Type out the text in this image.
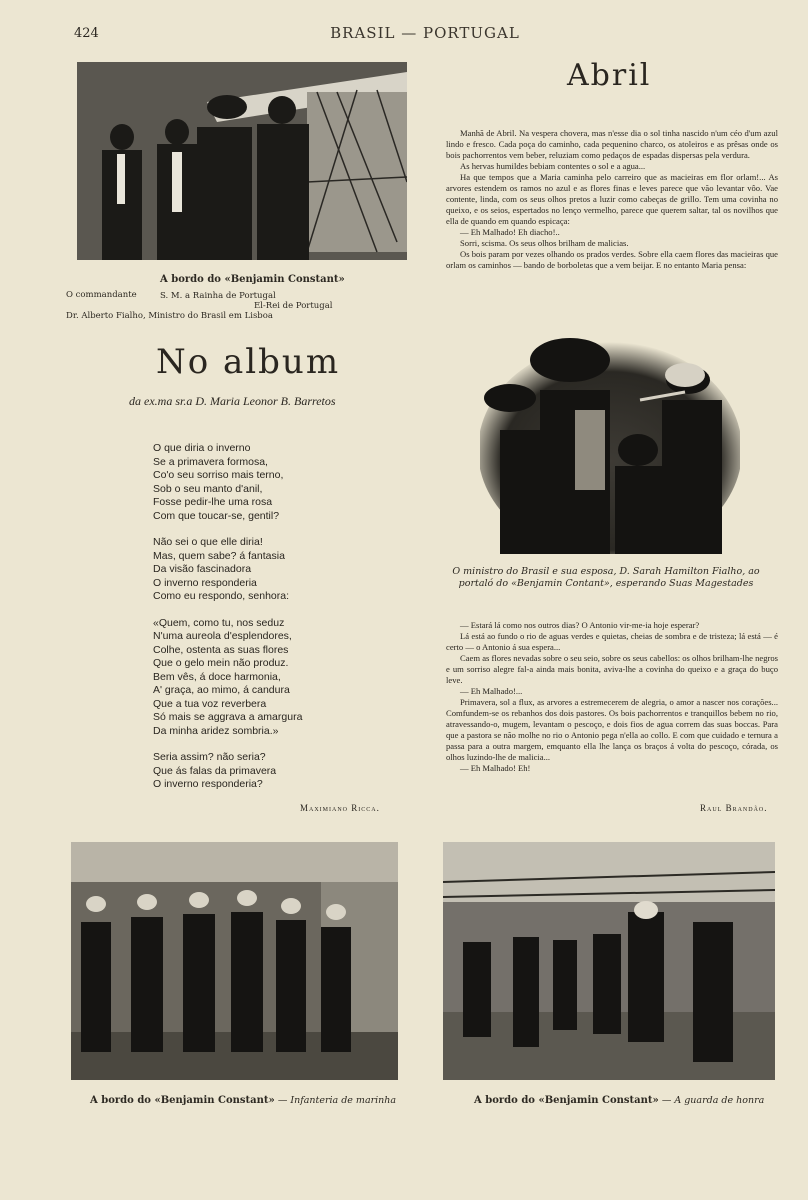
424	BRASIL — PORTUGAL
A bordo do «Benjamin Constant»
O commandante	S. M. a Rainha de Portugal
El-Rei de Portugal
Dr. Alberto Fialho, Ministro do Brasil em Lisboa
No album
da ex.ma sr.a D. Maria Leonor B. Barretos
O que diria o inverno
Se a primavera formosa,
Co'o seu sorriso mais terno,
Sob o seu manto d'anil,
Fosse pedir-lhe uma rosa
Com que toucar-se, gentil?
Não sei o que elle diria!
Mas, quem sabe? á fantasia
Da visão fascinadora
O inverno responderia
Como eu respondo, senhora:
«Quem, como tu, nos seduz
N'uma aureola d'esplendores,
Colhe, ostenta as suas flores
Que o gelo mein não produz.
Bem vês, á doce harmonia,
A' graça, ao mimo, á candura
Que a tua voz reverbera
Só mais se aggrava a amargura
Da minha aridez sombria.»
Seria assim? não seria?
Que ás falas da primavera
O inverno responderia?
Maximiano Ricca.
Abril

Manhã de Abril. Na vespera chovera, mas n'esse dia o sol tinha nascido n'um céo d'um azul lindo e fresco. Cada poça do caminho, cada pequenino charco, os atoleiros e as prêsas onde os bois pachorrentos vem beber, reluziam como pedaços de espadas dispersas pela verdura.

As hervas humildes bebiam contentes o sol e a agua...

Ha que tempos que a Maria caminha pelo carreiro que as macieiras em flor orlam!... As arvores estendem os ramos no azul e as flores finas e leves parece que vão levantar vôo. Vae contente, linda, com os seus olhos pretos a luzir como cabeças de grillo. Tem uma covinha no queixo, e os seios, espertados no lenço vermelho, parece que querem saltar, tal os novilhos que ella de quando em quando espicaça:

— Eh Malhado! Eh diacho!..

Sorri, scisma. Os seus olhos brilham de malicias.

Os bois param por vezes olhando os prados verdes. Sobre ella caem flores das macieiras que orlam os caminhos — bando de borboletas que a vem beijar. E no entanto Maria pensa:

O ministro do Brasil e sua esposa, D. Sarah Hamilton Fialho, ao portaló do «Benjamin Contant», esperando Suas Magestades

— Estará lá como nos outros dias? O Antonio vir-me-ia hoje esperar?

Lá está ao fundo o rio de aguas verdes e quietas, cheias de sombra e de tristeza; lá está — é certo — o Antonio á sua espera...

Caem as flores nevadas sobre o seu seio, sobre os seus cabellos: os olhos brilham-lhe negros e um sorriso alegre fal-a ainda mais bonita, aviva-lhe a covinha do queixo e a graça do buço leve.

— Eh Malhado!...

Primavera, sol a flux, as arvores a estremecerem de alegria, o amor a nascer nos corações... Comfundem-se os rebanhos dos dois pastores. Os bois pachorrentos e tranquillos bebem no rio, atravessando-o, mugem, levantam o pescoço, e dois fios de agua correm das suas boccas. Para que a pastora se não molhe no rio o Antonio pega n'ella ao collo. E com que cuidado e ternura a passa para a outra margem, emquanto ella lhe lança os braços á volta do pescoço, córada, os olhos luzindo-lhe de malicia...

— Eh Malhado! Eh!

Raul Brandão.
A bordo do «Benjamin Constant» — Infanteria de marinha	A bordo do «Benjamin Constant» — A guarda de honra
